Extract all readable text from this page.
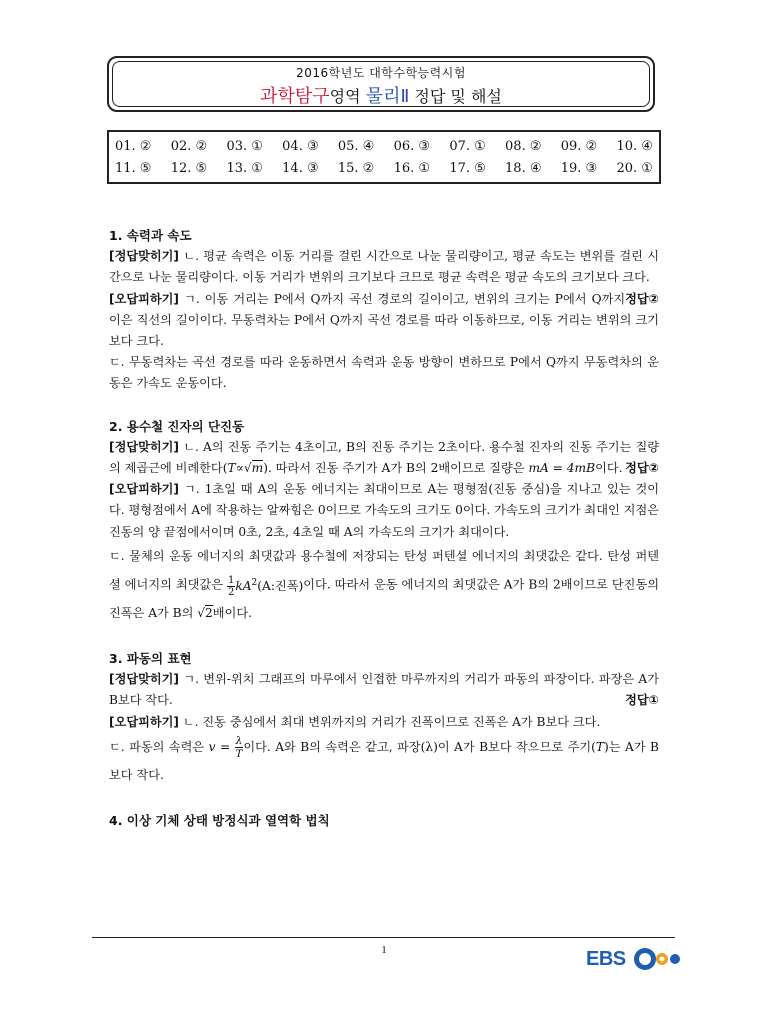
2016학년도 대학수학능력시험
과학탐구영역 물리Ⅱ 정답 및 해설
01. ② 02. ② 03. ① 04. ③ 05. ④ 06. ③ 07. ① 08. ② 09. ② 10. ④
11. ⑤ 12. ⑤ 13. ① 14. ③ 15. ② 16. ① 17. ⑤ 18. ④ 19. ③ 20. ①

1. 속력과 속도

[정답맞히기] ㄴ. 평균 속력은 이동 거리를 걸린 시간으로 나눈 물리량이고, 평균 속도는 변위를 걸린 시간으로 나눈 물리량이다. 이동 거리가 변위의 크기보다 크므로 평균 속력은 평균 속도의 크기보다 크다.
정답②

[오답피하기] ㄱ. 이동 거리는 P에서 Q까지 곡선 경로의 길이이고, 변위의 크기는 P에서 Q까지 이은 직선의 길이이다. 무동력차는 P에서 Q까지 곡선 경로를 따라 이동하므로, 이동 거리는 변위의 크기보다 크다.

ㄷ. 무동력차는 곡선 경로를 따라 운동하면서 속력과 운동 방향이 변하므로 P에서 Q까지 무동력차의 운동은 가속도 운동이다.

2. 용수철 진자의 단진동

[정답맞히기] ㄴ. A의 진동 주기는 4초이고, B의 진동 주기는 2초이다. 용수철 진자의 진동 주기는 질량의 제곱근에 비례한다(T∝√m). 따라서 진동 주기가 A가 B의 2배이므로 질량은 mA = 4mB이다. 정답②

[오답피하기] ㄱ. 1초일 때 A의 운동 에너지는 최대이므로 A는 평형점(진동 중심)을 지나고 있는 것이다. 평형점에서 A에 작용하는 알짜힘은 0이므로 가속도의 크기도 0이다. 가속도의 크기가 최대인 지점은 진동의 양 끝점에서이며 0초, 2초, 4초일 때 A의 가속도의 크기가 최대이다.

ㄷ. 물체의 운동 에너지의 최댓값과 용수철에 저장되는 탄성 퍼텐셜 에너지의 최댓값은 같다. 탄성 퍼텐셜 에너지의 최댓값은 $\frac{1}{2} kA^2(A$:진폭)이다. 따라서 운동 에너지의 최댓값은 A가 B의 2배이므로 단진동의 진폭은 A가 B의 √2배이다.

3. 파동의 표현

[정답맞히기] ㄱ. 변위-위치 그래프의 마루에서 인접한 마루까지의 거리가 파동의 파장이다. 파장은 A가 B보다 작다.	정답①

[오답피하기] ㄴ. 진동 중심에서 최대 변위까지의 거리가 진폭이므로 진폭은 A가 B보다 크다.

ㄷ. 파동의 속력은 $v = \frac{\lambda}{T}$ 이다. A와 B의 속력은 같고, 파장(λ)이 A가 B보다 작으므로 주기(T)는 A가 B보다 작다.

4. 이상 기체 상태 방정식과 열역학 법칙

1	EBS
